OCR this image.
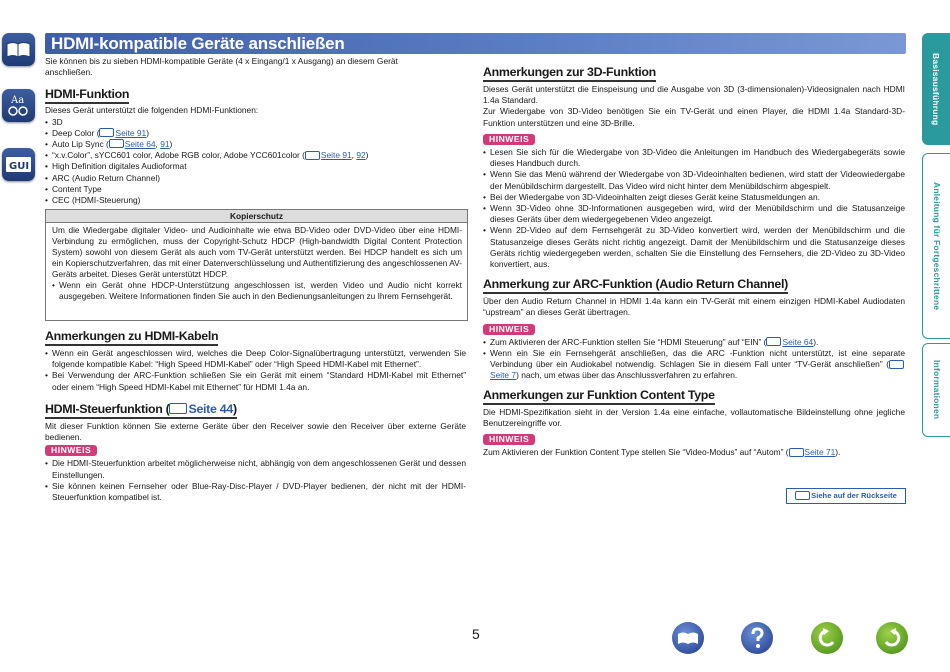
Aa
GUI
HDMI-kompatible Geräte anschließen

Sie können bis zu sieben HDMI-kompatible Geräte (4 x Eingang/1 x Ausgang) an diesem Gerät anschließen.

HDMI-Funktion

Dieses Gerät unterstützt die folgenden HDMI-Funktionen:

• 3D
• Deep Color ( Seite 91)
• Auto Lip Sync ( Seite 64, 91)
• “x.v.Color”, sYCC601 color, Adobe RGB color, Adobe YCC601color ( Seite 91, 92)
• High Definition digitales Audioformat
• ARC (Audio Return Channel)
• Content Type
• CEC (HDMI-Steuerung)
Kopierschutz

Um die Wiedergabe digitaler Video- und Audioinhalte wie etwa BD-Video oder DVD-Video über eine HDMI-Verbindung zu ermöglichen, muss der Copyright-Schutz HDCP (High-bandwidth Digital Content Protection System) sowohl von diesem Gerät als auch vom TV-Gerät unterstützt werden. Bei HDCP handelt es sich um ein Kopierschutzverfahren, das mit einer Datenverschlüsselung und Authentifizierung des angeschlossenen AV-Geräts arbeitet. Dieses Gerät unterstützt HDCP.

• Wenn ein Gerät ohne HDCP-Unterstützung angeschlossen ist, werden Video und Audio nicht korrekt ausgegeben. Weitere Informationen finden Sie auch in den Bedienungsanleitungen zu Ihrem Fernsehgerät.
Anmerkungen zu HDMI-Kabeln
• Wenn ein Gerät angeschlossen wird, welches die Deep Color-Signalübertragung unterstützt, verwenden Sie folgende kompatible Kabel: “High Speed HDMI-Kabel” oder “High Speed HDMI-Kabel mit Ethernet”.
• Bei Verwendung der ARC-Funktion schließen Sie ein Gerät mit einem “Standard HDMI-Kabel mit Ethernet” oder einem “High Speed HDMI-Kabel mit Ethernet” für HDMI 1.4a an.
HDMI-Steuerfunktion ( Seite 44)

Mit dieser Funktion können Sie externe Geräte über den Receiver sowie den Receiver über externe Geräte bedienen.

HINWEIS
• Die HDMI-Steuerfunktion arbeitet möglicherweise nicht, abhängig von dem angeschlossenen Gerät und dessen Einstellungen.
• Sie können keinen Fernseher oder Blue-Ray-Disc-Player / DVD-Player bedienen, der nicht mit der HDMI-Steuerfunktion kompatibel ist.
Anmerkungen zur 3D-Funktion

Dieses Gerät unterstützt die Einspeisung und die Ausgabe von 3D (3-dimensionalen)-Videosignalen nach HDMI 1.4a Standard.

Zur Wiedergabe von 3D-Video benötigen Sie ein TV-Gerät und einen Player, die HDMI 1.4a Standard-3D-Funktion unterstützen und eine 3D-Brille.

HINWEIS
• Lesen Sie sich für die Wiedergabe von 3D-Video die Anleitungen im Handbuch des Wiedergabegeräts sowie dieses Handbuch durch.
• Wenn Sie das Menü während der Wiedergabe von 3D-Videoinhalten bedienen, wird statt der Videowiedergabe der Menübildschirm dargestellt. Das Video wird nicht hinter dem Menübildschirm abgespielt.
• Bei der Wiedergabe von 3D-Videoinhalten zeigt dieses Gerät keine Statusmeldungen an.
• Wenn 3D-Video ohne 3D-Informationen ausgegeben wird, wird der Menübildschirm und die Statusanzeige dieses Geräts über dem wiedergegebenen Video angezeigt.
• Wenn 2D-Video auf dem Fernsehgerät zu 3D-Video konvertiert wird, werden der Menübildschirm und die Statusanzeige dieses Geräts nicht richtig angezeigt. Damit der Menübildschirm und die Statusanzeige dieses Geräts richtig wiedergegeben werden, schalten Sie die Einstellung des Fernsehers, die 2D-Video zu 3D-Video konvertiert, aus.
Anmerkung zur ARC-Funktion (Audio Return Channel)

Über den Audio Return Channel in HDMI 1.4a kann ein TV-Gerät mit einem einzigen HDMI-Kabel Audiodaten “upstream” an dieses Gerät übertragen.

HINWEIS
• Zum Aktivieren der ARC-Funktion stellen Sie “HDMI Steuerung” auf “EIN” ( Seite 64).
• Wenn ein Sie ein Fernsehgerät anschließen, das die ARC -Funktion nicht unterstützt, ist eine separate Verbindung über ein Audiokabel notwendig. Schlagen Sie in diesem Fall unter “TV-Gerät anschließen” (Seite 7) nach, um etwas über das Anschlussverfahren zu erfahren.
Anmerkungen zur Funktion Content Type

Die HDMI-Spezifikation sieht in der Version 1.4a eine einfache, vollautomatische Bildeinstellung ohne jegliche Benutzereingriffe vor.

HINWEIS

Zum Aktivieren der Funktion Content Type stellen Sie “Video-Modus” auf “Autom” ( Seite 71).

Siehe auf der Rückseite
Basisausführung
Anleitung für Fortgeschrittene
Informationen
5
